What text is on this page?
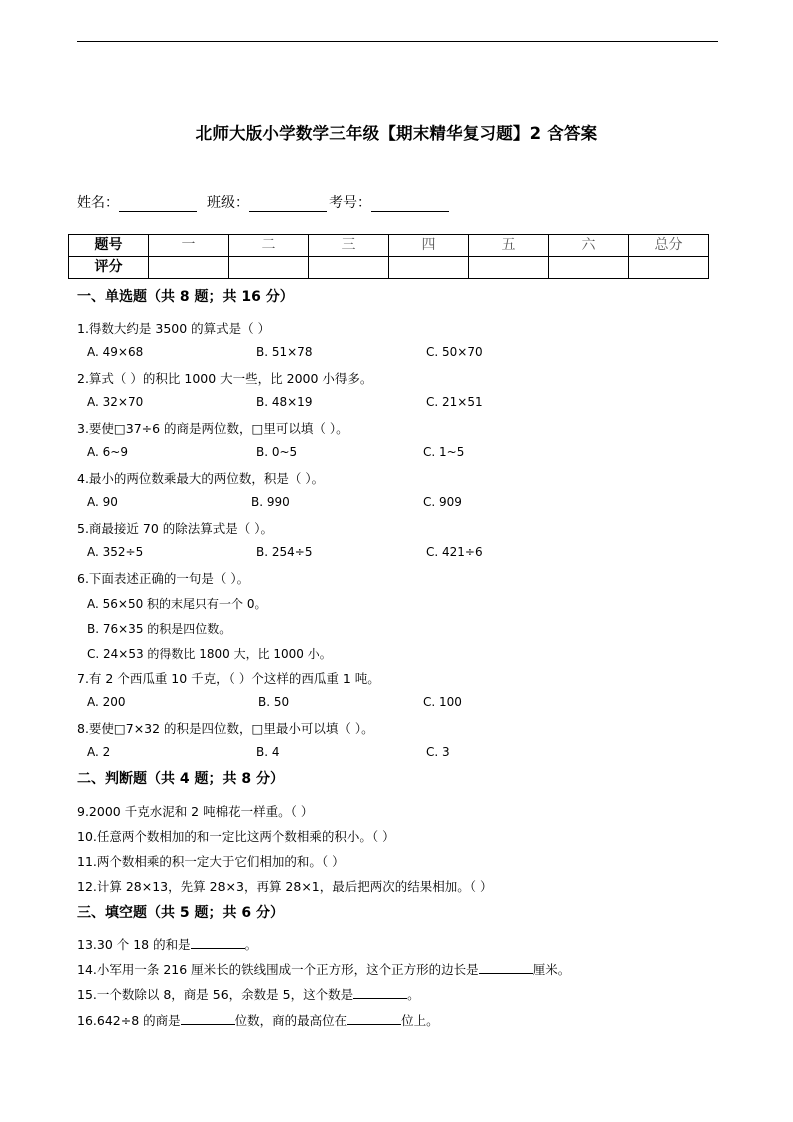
北师大版小学数学三年级【期末精华复习题】2 含答案
姓名：	班级：	考号：
题号	一	二	三	四	五	六	总分
评分							
一、单选题（共 8 题；共 16 分）
1.得数大约是 3500 的算式是（ ）
A. 49×68	B. 51×78	C. 50×70
2.算式（ ）的积比 1000 大一些，比 2000 小得多。
A. 32×70	B. 48×19	C. 21×51
3.要使□37÷6 的商是两位数，□里可以填（ ）。
A. 6~9	B. 0~5	C. 1~5
4.最小的两位数乘最大的两位数，积是（ ）。
A. 90	B. 990	C. 909
5.商最接近 70 的除法算式是（ ）。
A. 352÷5	B. 254÷5	C. 421÷6
6.下面表述正确的一句是（ ）。
A. 56×50 积的末尾只有一个 0。
B. 76×35 的积是四位数。
C. 24×53 的得数比 1800 大，比 1000 小。
7.有 2 个西瓜重 10 千克，（ ）个这样的西瓜重 1 吨。
A. 200	B. 50	C. 100
8.要使□7×32 的积是四位数，□里最小可以填（ ）。
A. 2	B. 4	C. 3
二、判断题（共 4 题；共 8 分）
9.2000 千克水泥和 2 吨棉花一样重。（ ）
10.任意两个数相加的和一定比这两个数相乘的积小。（ ）
11.两个数相乘的积一定大于它们相加的和。（ ）
12.计算 28×13，先算 28×3，再算 28×1，最后把两次的结果相加。（ ）
三、填空题（共 5 题；共 6 分）
13.30 个 18 的和是	。
14.小军用一条 216 厘米长的铁线围成一个正方形，这个正方形的边长是	厘米。
15.一个数除以 8，商是 56，余数是 5，这个数是	。
16.642÷8 的商是	位数，商的最高位在	位上。
